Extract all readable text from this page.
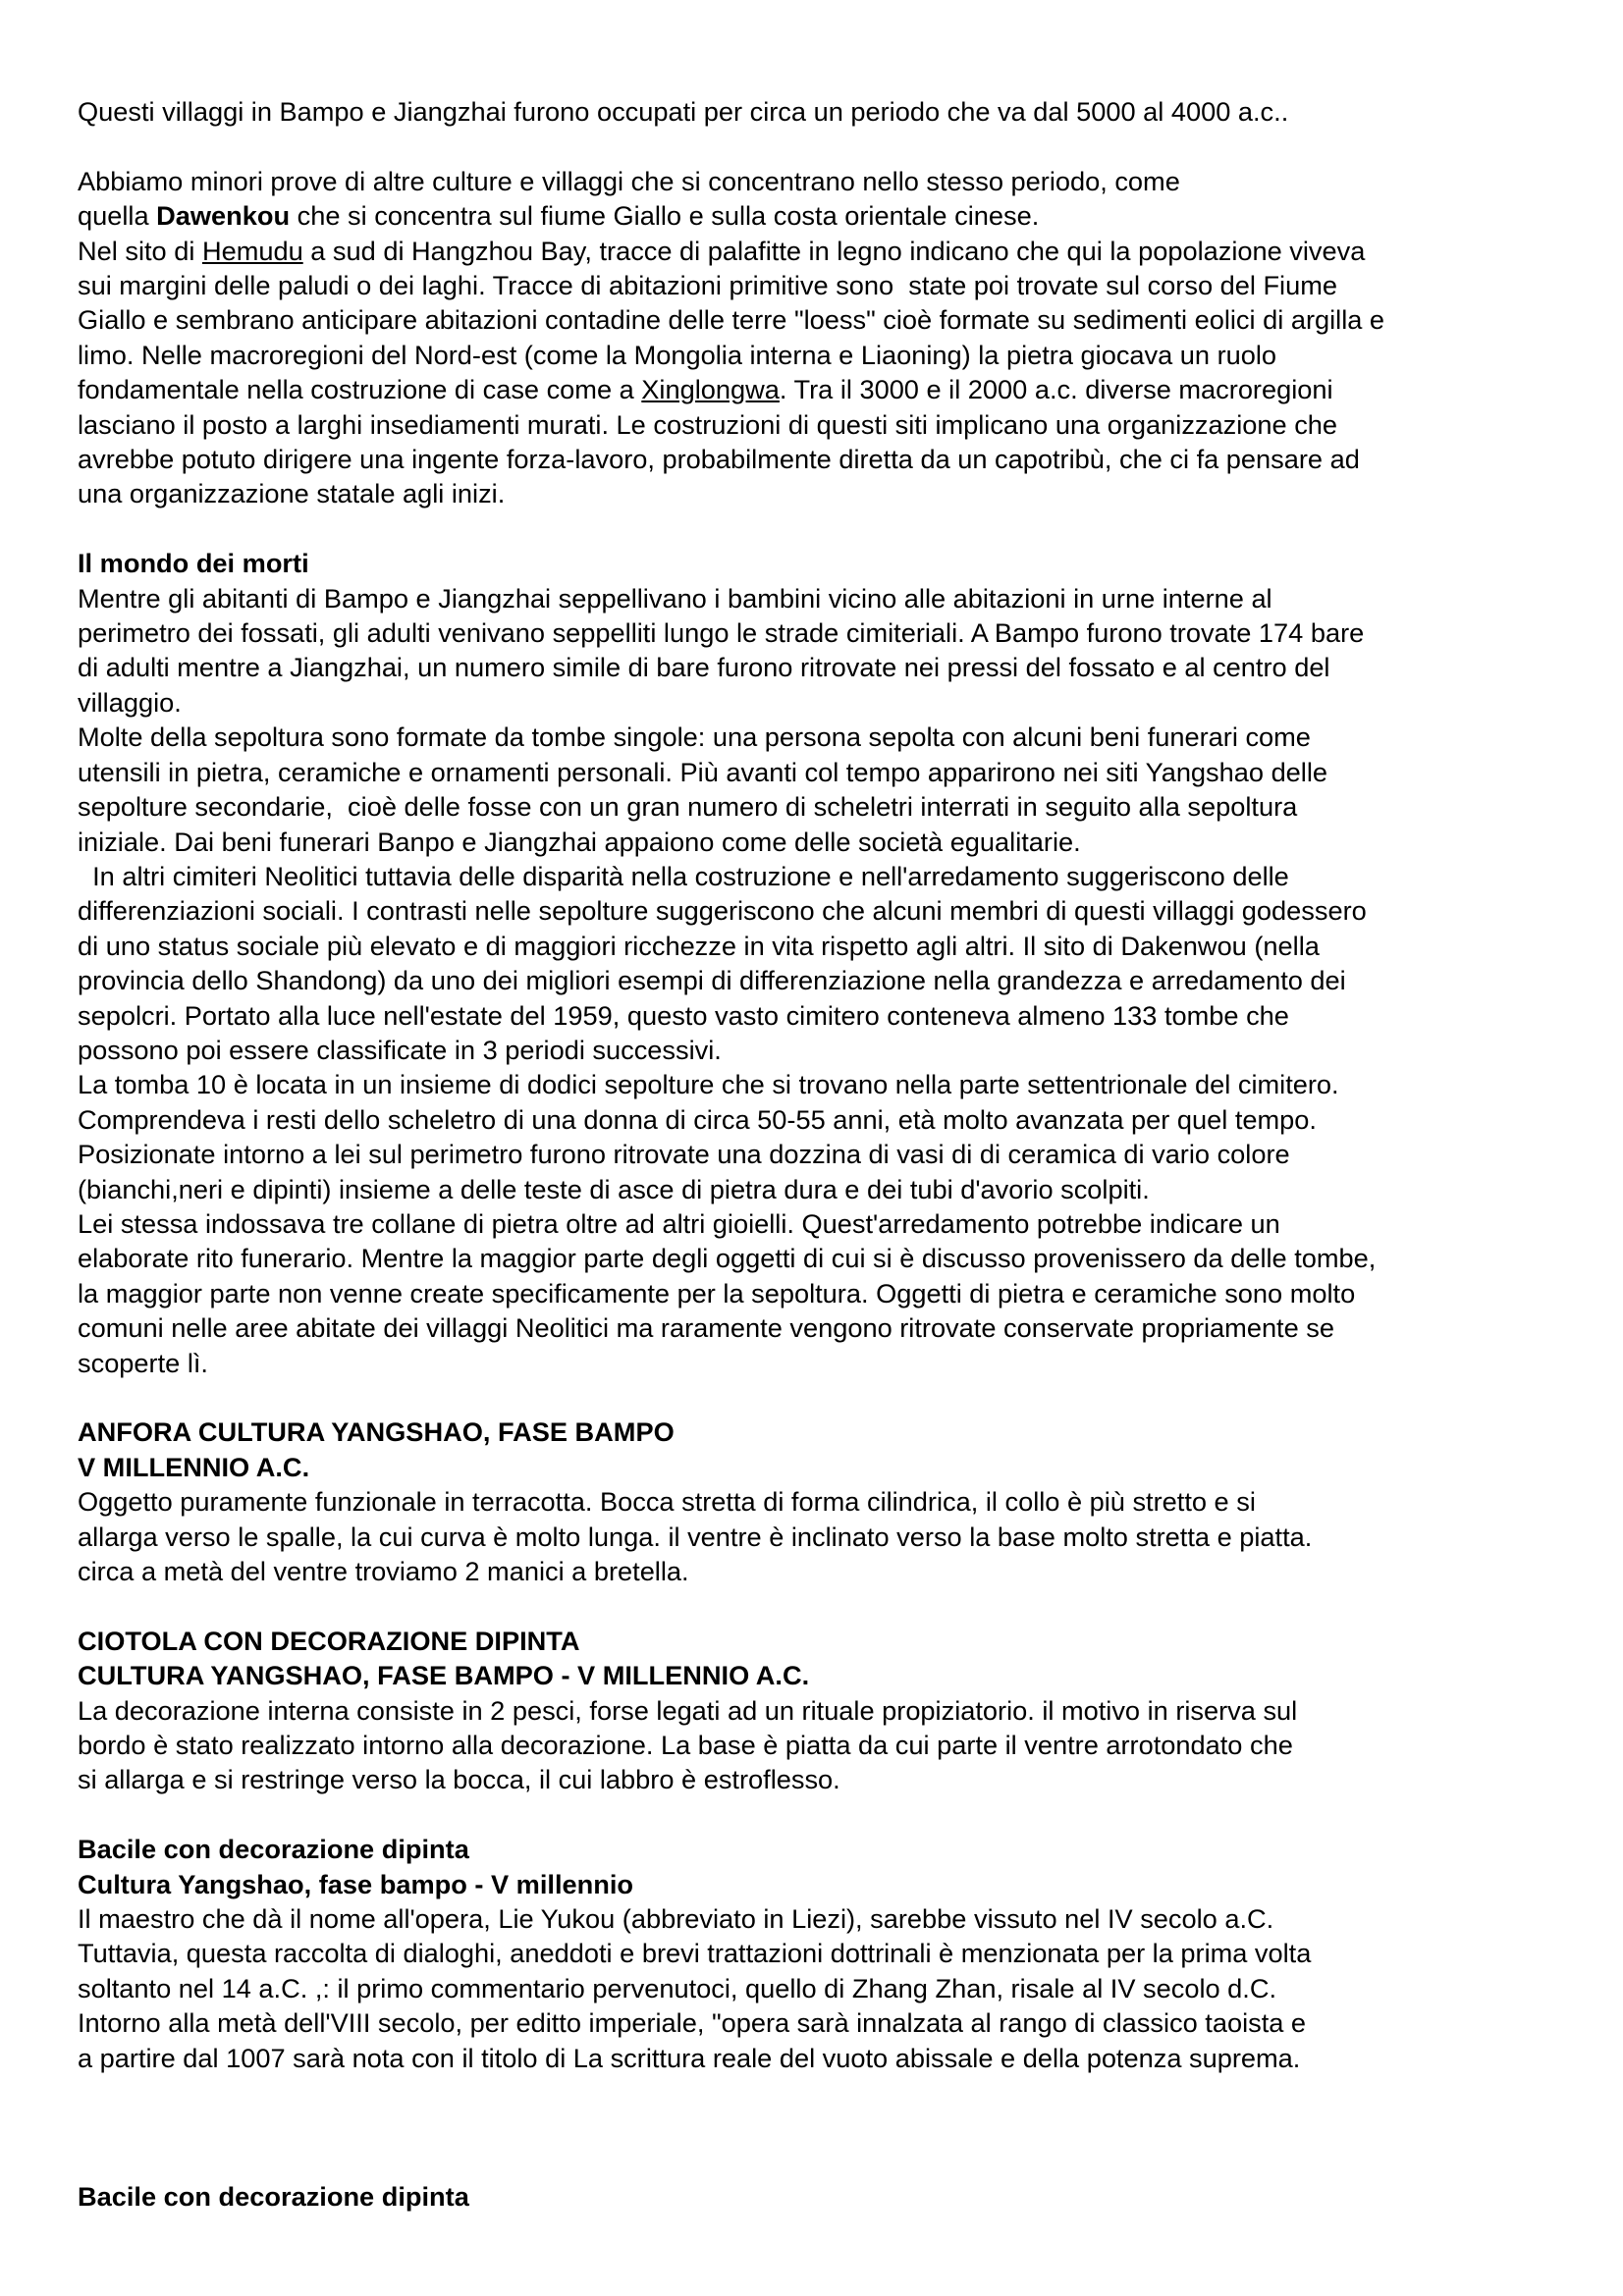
Questi villaggi in Bampo e Jiangzhai furono occupati per circa un periodo che va dal 5000 al 4000 a.c..
Abbiamo minori prove di altre culture e villaggi che si concentrano nello stesso periodo, come
quella Dawenkou che si concentra sul fiume Giallo e sulla costa orientale cinese.
Nel sito di Hemudu a sud di Hangzhou Bay, tracce di palafitte in legno indicano che qui la popolazione viveva
sui margini delle paludi o dei laghi. Tracce di abitazioni primitive sono  state poi trovate sul corso del Fiume
Giallo e sembrano anticipare abitazioni contadine delle terre "loess" cioè formate su sedimenti eolici di argilla e
limo. Nelle macroregioni del Nord-est (come la Mongolia interna e Liaoning) la pietra giocava un ruolo
fondamentale nella costruzione di case come a Xinglongwa. Tra il 3000 e il 2000 a.c. diverse macroregioni
lasciano il posto a larghi insediamenti murati. Le costruzioni di questi siti implicano una organizzazione che
avrebbe potuto dirigere una ingente forza-lavoro, probabilmente diretta da un capotribù, che ci fa pensare ad
una organizzazione statale agli inizi.
Il mondo dei morti
Mentre gli abitanti di Bampo e Jiangzhai seppellivano i bambini vicino alle abitazioni in urne interne al
perimetro dei fossati, gli adulti venivano seppelliti lungo le strade cimiteriali. A Bampo furono trovate 174 bare
di adulti mentre a Jiangzhai, un numero simile di bare furono ritrovate nei pressi del fossato e al centro del
villaggio.
Molte della sepoltura sono formate da tombe singole: una persona sepolta con alcuni beni funerari come
utensili in pietra, ceramiche e ornamenti personali. Più avanti col tempo apparirono nei siti Yangshao delle
sepolture secondarie,  cioè delle fosse con un gran numero di scheletri interrati in seguito alla sepoltura
iniziale. Dai beni funerari Banpo e Jiangzhai appaiono come delle società egualitarie.
In altri cimiteri Neolitici tuttavia delle disparità nella costruzione e nell'arredamento suggeriscono delle
differenziazioni sociali. I contrasti nelle sepolture suggeriscono che alcuni membri di questi villaggi godessero
di uno status sociale più elevato e di maggiori ricchezze in vita rispetto agli altri. Il sito di Dakenwou (nella
provincia dello Shandong) da uno dei migliori esempi di differenziazione nella grandezza e arredamento dei
sepolcri. Portato alla luce nell'estate del 1959, questo vasto cimitero conteneva almeno 133 tombe che
possono poi essere classificate in 3 periodi successivi.
La tomba 10 è locata in un insieme di dodici sepolture che si trovano nella parte settentrionale del cimitero.
Comprendeva i resti dello scheletro di una donna di circa 50-55 anni, età molto avanzata per quel tempo.
Posizionate intorno a lei sul perimetro furono ritrovate una dozzina di vasi di di ceramica di vario colore
(bianchi,neri e dipinti) insieme a delle teste di asce di pietra dura e dei tubi d'avorio scolpiti.
Lei stessa indossava tre collane di pietra oltre ad altri gioielli. Quest'arredamento potrebbe indicare un
elaborate rito funerario. Mentre la maggior parte degli oggetti di cui si è discusso provenissero da delle tombe,
la maggior parte non venne create specificamente per la sepoltura. Oggetti di pietra e ceramiche sono molto
comuni nelle aree abitate dei villaggi Neolitici ma raramente vengono ritrovate conservate propriamente se
scoperte lì.
ANFORA CULTURA YANGSHAO, FASE BAMPO
V MILLENNIO A.C.
Oggetto puramente funzionale in terracotta. Bocca stretta di forma cilindrica, il collo è più stretto e si
allarga verso le spalle, la cui curva è molto lunga. il ventre è inclinato verso la base molto stretta e piatta.
circa a metà del ventre troviamo 2 manici a bretella.
CIOTOLA CON DECORAZIONE DIPINTA
CULTURA YANGSHAO, FASE BAMPO - V MILLENNIO A.C.
La decorazione interna consiste in 2 pesci, forse legati ad un rituale propiziatorio. il motivo in riserva sul
bordo è stato realizzato intorno alla decorazione. La base è piatta da cui parte il ventre arrotondato che
si allarga e si restringe verso la bocca, il cui labbro è estroflesso.
Bacile con decorazione dipinta
Cultura Yangshao, fase bampo - V millennio
Il maestro che dà il nome all'opera, Lie Yukou (abbreviato in Liezi), sarebbe vissuto nel IV secolo a.C.
Tuttavia, questa raccolta di dialoghi, aneddoti e brevi trattazioni dottrinali è menzionata per la prima volta
soltanto nel 14 a.C. ,: il primo commentario pervenutoci, quello di Zhang Zhan, risale al IV secolo d.C.
Intorno alla metà dell'VIII secolo, per editto imperiale, "opera sarà innalzata al rango di classico taoista e
a partire dal 1007 sarà nota con il titolo di La scrittura reale del vuoto abissale e della potenza suprema.
Bacile con decorazione dipinta
